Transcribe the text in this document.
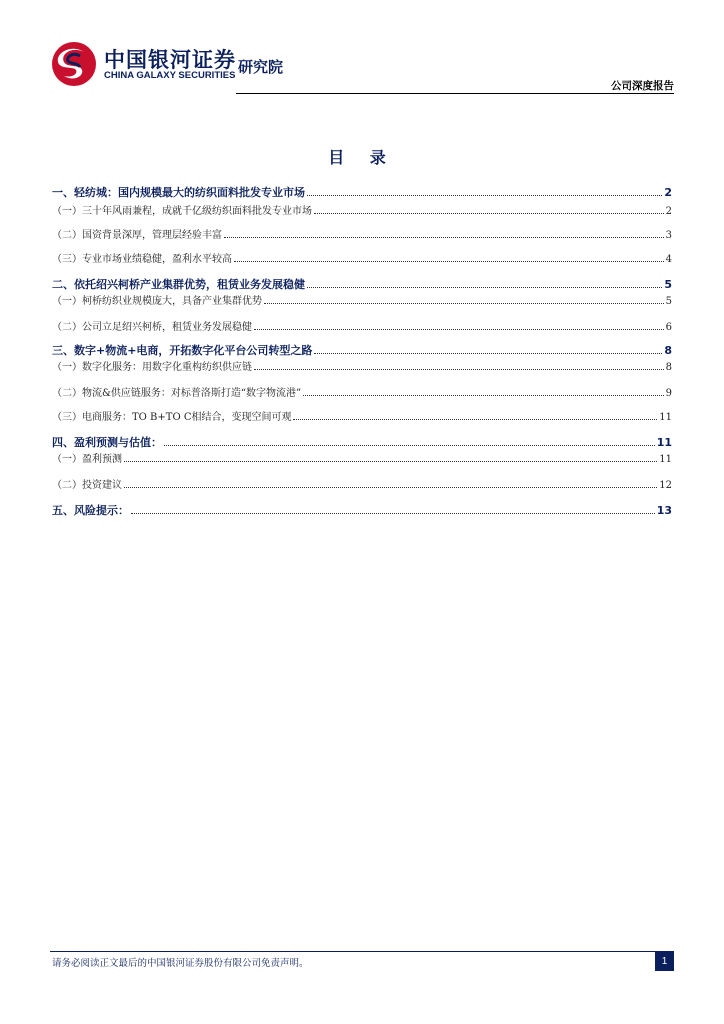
中国银河证券
CHINA GALAXY SECURITIES 研究院
公司深度报告
目 录
一、轻纺城：国内规模最大的纺织面料批发专业市场	2
（一）三十年风雨兼程，成就千亿级纺织面料批发专业市场	2
（二）国资背景深厚，管理层经验丰富	3
（三）专业市场业绩稳健，盈利水平较高	4
二、依托绍兴柯桥产业集群优势，租赁业务发展稳健	5
（一）柯桥纺织业规模庞大，具备产业集群优势	5
（二）公司立足绍兴柯桥，租赁业务发展稳健	6
三、数字+物流+电商，开拓数字化平台公司转型之路	8
（一）数字化服务：用数字化重构纺织供应链	8
（二）物流&供应链服务：对标普洛斯打造“数字物流港”	9
（三）电商服务：TO B+TO C相结合，变现空间可观	11
四、盈利预测与估值：	11
（一）盈利预测	11
（二）投资建议	12
五、风险提示：	13
请务必阅读正文最后的中国银河证券股份有限公司免责声明。	1
